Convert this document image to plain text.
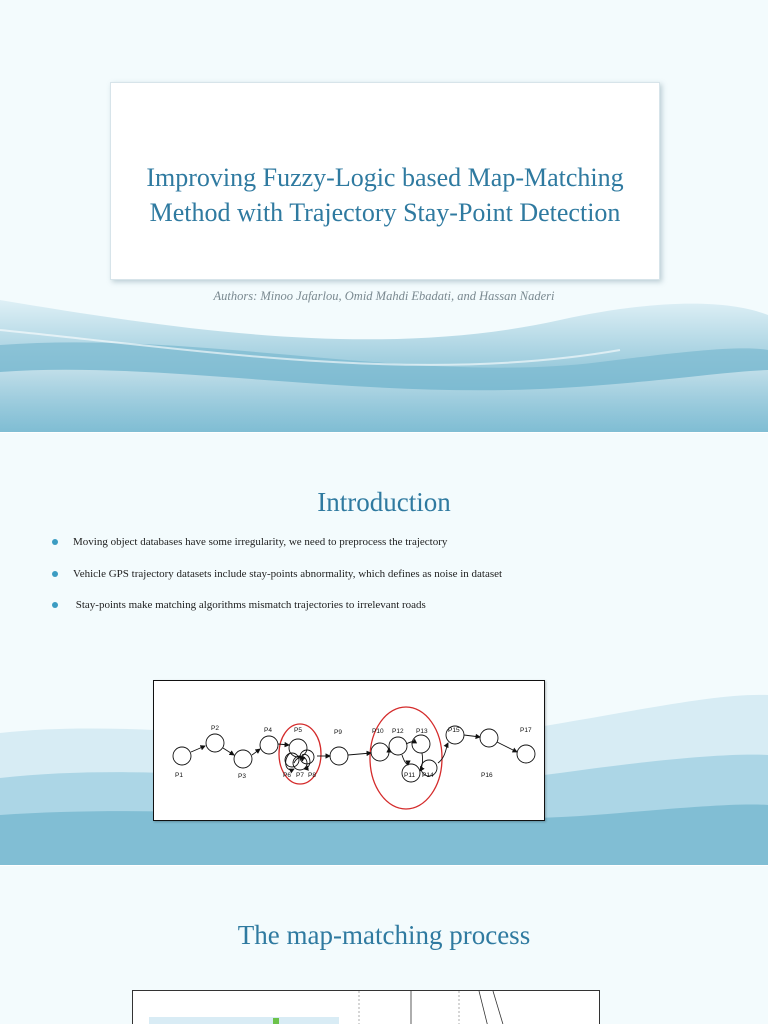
Improving Fuzzy-Logic based Map-Matching
Method with Trajectory Stay-Point Detection
Authors: Minoo Jafarlou, Omid Mahdi Ebadati, and Hassan Naderi
Introduction
Moving object databases have some irregularity, we need to preprocess the trajectory
Vehicle GPS trajectory datasets include stay-points abnormality, which defines as noise in dataset
Stay-points make matching algorithms mismatch trajectories to irrelevant roads
P1
P2
P3
P4	P5
P6 P7 P8
P9	P10 P12 P13
P11 P14
P15
P16
P17
The map-matching process
